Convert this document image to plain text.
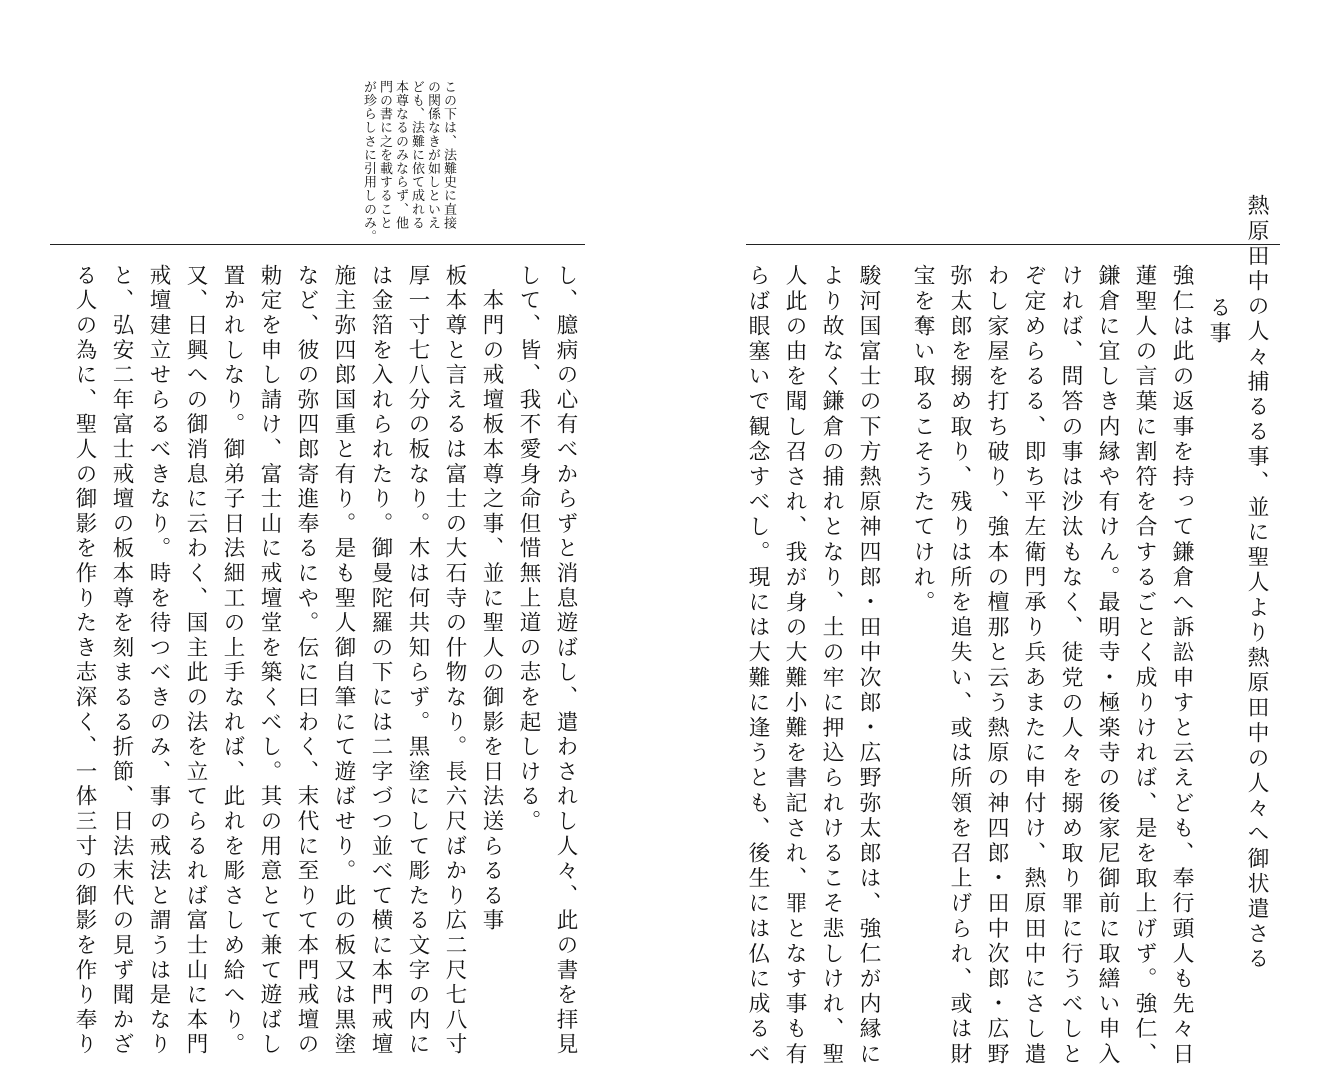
この下は、法難史に直接
の関係なきが如しといえ
ども、法難に依て成れる
本尊なるのみならず、他
門の書に之を載すること
が珍らしさに引用しのみ。
し、臆病の心有べからずと消息遊ばし、遣わされし人々、此の書を拝見
して、皆、我不愛身命但惜無上道の志を起しける。
　本門の戒壇板本尊之事、並に聖人の御影を日法送らるる事
板本尊と言えるは富士の大石寺の什物なり。長六尺ばかり広二尺七八寸
厚一寸七八分の板なり。木は何共知らず。黒塗にして彫たる文字の内に
は金箔を入れられたり。御曼陀羅の下には二字づつ並べて横に本門戒壇
施主弥四郎国重と有り。是も聖人御自筆にて遊ばせり。此の板又は黒塗
など、彼の弥四郎寄進奉るにや。伝に曰わく、末代に至りて本門戒壇の
勅定を申し請け、富士山に戒壇堂を築くべし。其の用意とて兼て遊ばし
置かれしなり。御弟子日法細工の上手なれば、此れを彫さしめ給へり。
又、日興への御消息に云わく、国主此の法を立てらるれば富士山に本門
戒壇建立せらるべきなり。時を待つべきのみ、事の戒法と謂うは是なり
と、弘安二年富士戒壇の板本尊を刻まるる折節、日法末代の見ず聞かざ
る人の為に、聖人の御影を作りたき志深く、一体三寸の御影を作り奉り	熱原田中の人々捕るる事、並に聖人より熱原田中の人々へ御状遣さる
る事
強仁は此の返事を持って鎌倉へ訴訟申すと云えども、奉行頭人も先々日
蓮聖人の言葉に割符を合するごとく成りければ、是を取上げず。強仁、
鎌倉に宜しき内縁や有けん。最明寺・極楽寺の後家尼御前に取繕い申入
ければ、問答の事は沙汰もなく、徒党の人々を搦め取り罪に行うべしと
ぞ定めらるる、即ち平左衛門承り兵あまたに申付け、熱原田中にさし遣
わし家屋を打ち破り、強本の檀那と云う熱原の神四郎・田中次郎・広野
弥太郎を搦め取り、残りは所を追失い、或は所領を召上げられ、或は財
宝を奪い取るこそうたてけれ。
駿河国富士の下方熱原神四郎・田中次郎・広野弥太郎は、強仁が内縁に
より故なく鎌倉の捕れとなり、土の牢に押込られけるこそ悲しけれ、聖
人此の由を聞し召され、我が身の大難小難を書記され、罪となす事も有
らば眼塞いで観念すべし。現には大難に逢うとも、後生には仏に成るべ
